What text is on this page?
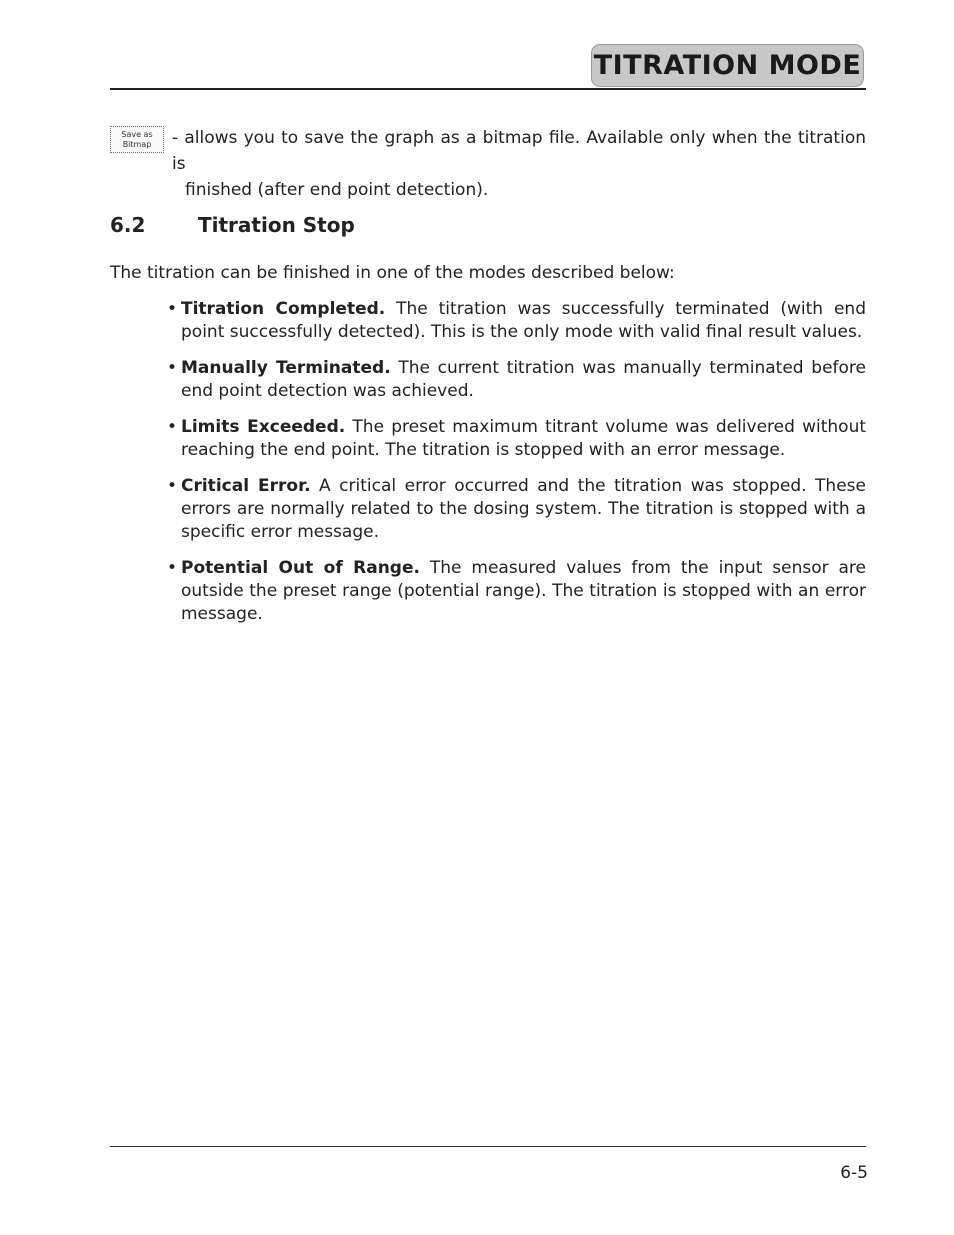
TITRATION MODE
Save as
Bitmap - allows you to save the graph as a bitmap file. Available only when the titration is
finished (after end point detection).
6.2	Titration Stop
The titration can be finished in one of the modes described below:
• Titration Completed. The titration was successfully terminated (with end point successfully detected). This is the only mode with valid final result values.
• Manually Terminated. The current titration was manually terminated before end point detection was achieved.
• Limits Exceeded. The preset maximum titrant volume was delivered without reaching the end point. The titration is stopped with an error message.
• Critical Error. A critical error occurred and the titration was stopped. These errors are normally related to the dosing system. The titration is stopped with a specific error message.
• Potential Out of Range. The measured values from the input sensor are outside the preset range (potential range). The titration is stopped with an error message.
6-5
